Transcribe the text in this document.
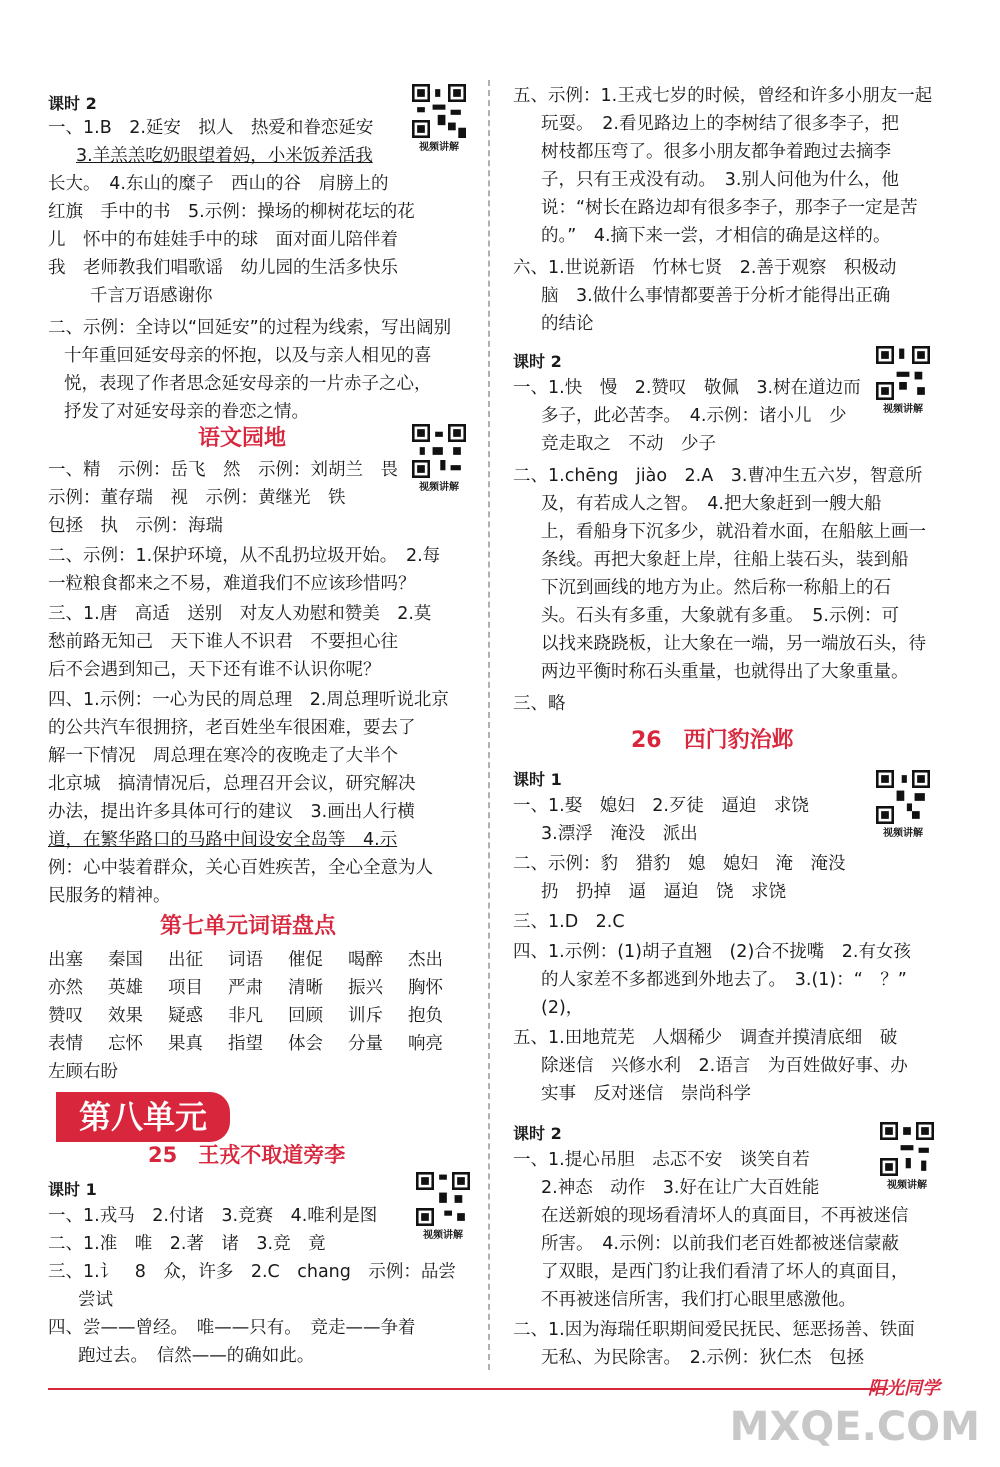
课时 2
一、1.B　2.延安　拟人　热爱和眷恋延安
3.羊羔羔吃奶眼望着妈，小米饭养活我
长大。　4.东山的糜子　西山的谷　肩膀上的
红旗　手中的书　5.示例：操场的柳树花坛的花
儿　怀中的布娃娃手中的球　面对面儿陪伴着
我　老师教我们唱歌谣　幼儿园的生活多快乐
千言万语感谢你
二、示例：全诗以“回延安”的过程为线索，写出阔别
十年重回延安母亲的怀抱，以及与亲人相见的喜
悦，表现了作者思念延安母亲的一片赤子之心，
抒发了对延安母亲的眷恋之情。
语文园地
一、精　示例：岳飞　然　示例：刘胡兰　畏
示例：董存瑞　视　示例：黄继光　铁
包拯　执　示例：海瑞
二、示例：1.保护环境，从不乱扔垃圾开始。　2.每
一粒粮食都来之不易，难道我们不应该珍惜吗？
三、1.唐　高适　送别　对友人劝慰和赞美　2.莫
愁前路无知己　天下谁人不识君　不要担心往
后不会遇到知己，天下还有谁不认识你呢？
四、1.示例：一心为民的周总理　2.周总理听说北京
的公共汽车很拥挤，老百姓坐车很困难，要去了
解一下情况　周总理在寒冷的夜晚走了大半个
北京城　搞清情况后，总理召开会议，研究解决
办法，提出许多具体可行的建议　3.画出人行横
道，在繁华路口的马路中间设安全岛等　4.示
例：心中装着群众，关心百姓疾苦，全心全意为人
民服务的精神。
第七单元词语盘点
出塞	秦国	出征	词语	催促	喝醉	杰出
亦然	英雄	项目	严肃	清晰	振兴	胸怀
赞叹	效果	疑惑	非凡	回顾	训斥	抱负
表情	忘怀	果真	指望	体会	分量	响亮
左顾右盼
第八单元
25　王戎不取道旁李
课时 1
一、1.戎马　2.付诸　3.竞赛　4.唯利是图
二、1.准　唯　2.著　诸　3.竞　竟
三、1.讠　8　众，许多　2.C　chang　示例：品尝
尝试
四、尝——曾经。　唯——只有。　竞走——争着
跑过去。　信然——的确如此。
五、示例：1.王戎七岁的时候，曾经和许多小朋友一起
玩耍。　2.看见路边上的李树结了很多李子，把
树枝都压弯了。很多小朋友都争着跑过去摘李
子，只有王戎没有动。　3.别人问他为什么，他
说：“树长在路边却有很多李子，那李子一定是苦
的。”　4.摘下来一尝，才相信的确是这样的。
六、1.世说新语　竹林七贤　2.善于观察　积极动
脑　3.做什么事情都要善于分析才能得出正确
的结论
课时 2
一、1.快　慢　2.赞叹　敬佩　3.树在道边而
多子，此必苦李。　4.示例：诸小儿　少
竞走取之　不动　少子
二、1.chēng　jiào　2.A　3.曹冲生五六岁，智意所
及，有若成人之智。　4.把大象赶到一艘大船
上，看船身下沉多少，就沿着水面，在船舷上画一
条线。再把大象赶上岸，往船上装石头，装到船
下沉到画线的地方为止。然后称一称船上的石
头。石头有多重，大象就有多重。　5.示例：可
以找来跷跷板，让大象在一端，另一端放石头，待
两边平衡时称石头重量，也就得出了大象重量。
三、略
26　西门豹治邺
课时 1
一、1.娶　媳妇　2.歹徒　逼迫　求饶
3.漂浮　淹没　派出
二、示例：豹　猎豹　媳　媳妇　淹　淹没
扔　扔掉　逼　逼迫　饶　求饶
三、1.D　2.C
四、1.示例：(1)胡子直翘　(2)合不拢嘴　2.有女孩
的人家差不多都逃到外地去了。　3.(1)：“　？”
(2)，
五、1.田地荒芜　人烟稀少　调查并摸清底细　破
除迷信　兴修水利　2.语言　为百姓做好事、办
实事　反对迷信　崇尚科学
课时 2
一、1.提心吊胆　忐忑不安　谈笑自若
2.神态　动作　3.好在让广大百姓能
在送新娘的现场看清坏人的真面目，不再被迷信
所害。　4.示例：以前我们老百姓都被迷信蒙蔽
了双眼，是西门豹让我们看清了坏人的真面目，
不再被迷信所害，我们打心眼里感激他。
二、1.因为海瑞任职期间爱民抚民、惩恶扬善、铁面
无私、为民除害。　2.示例：狄仁杰　包拯
视频讲解
视频讲解
视频讲解
视频讲解
视频讲解
视频讲解
阳光同学
MXQE.COM
